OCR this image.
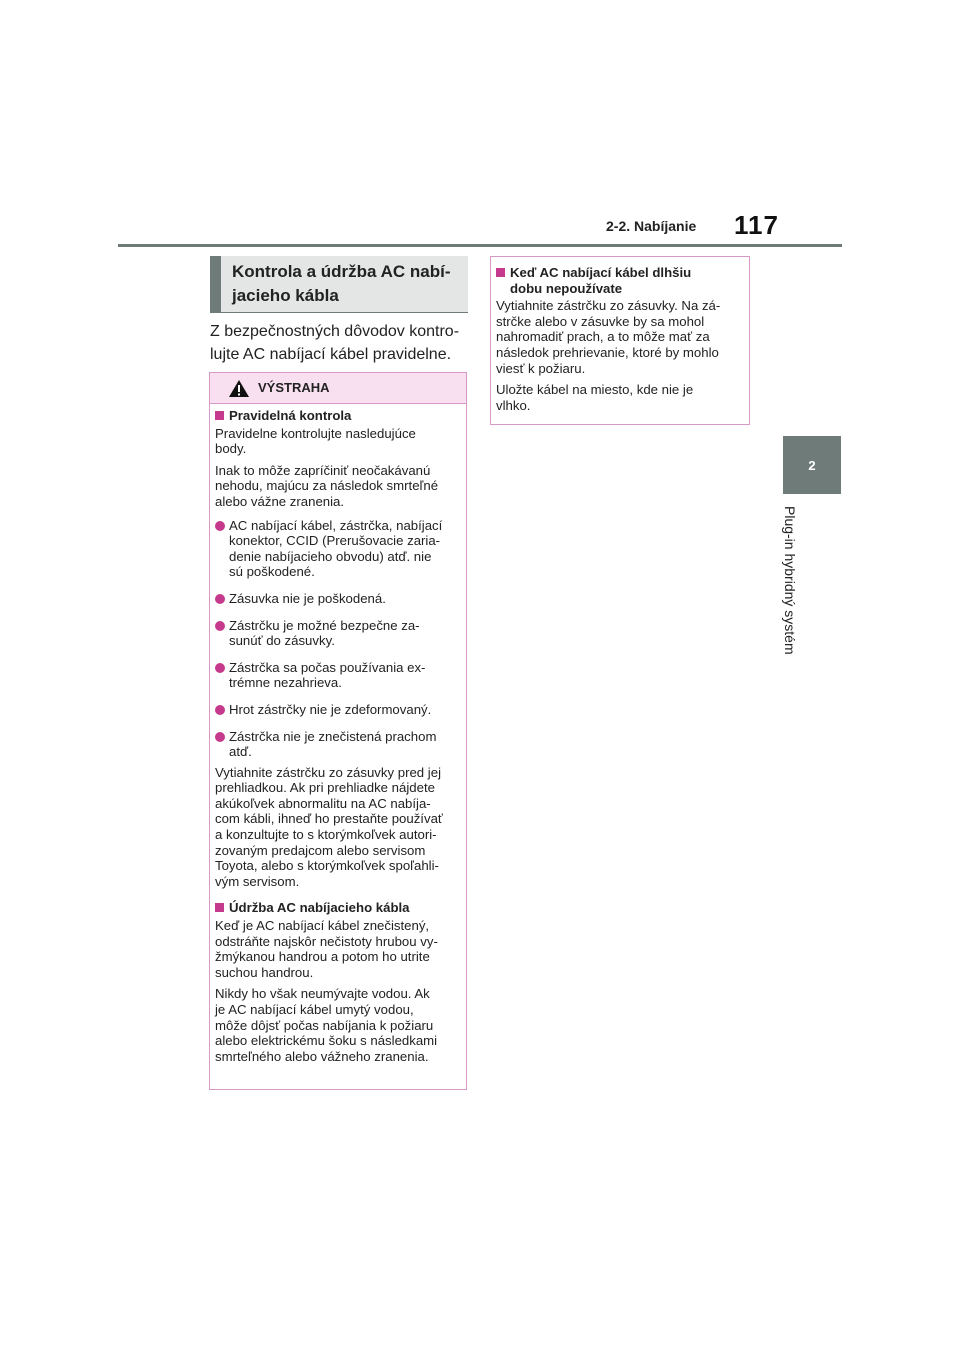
2-2. Nabíjanie 117
2
Plug-in hybridný systém
Kontrola a údržba AC nabí-
jacieho kábla
Z bezpečnostných dôvodov kontro-
lujte AC nabíjací kábel pravidelne.
VÝSTRAHA
Pravidelná kontrola
Pravidelne kontrolujte nasledujúce
body.
Inak to môže zapríčiniť neočakávanú
nehodu, majúcu za následok smrteľné
alebo vážne zranenia.
AC nabíjací kábel, zástrčka, nabíjací
konektor, CCID (Prerušovacie zaria-
denie nabíjacieho obvodu) atď. nie
sú poškodené.
Zásuvka nie je poškodená.
Zástrčku je možné bezpečne za-
sunúť do zásuvky.
Zástrčka sa počas používania ex-
trémne nezahrieva.
Hrot zástrčky nie je zdeformovaný.
Zástrčka nie je znečistená prachom
atď.
Vytiahnite zástrčku zo zásuvky pred jej
prehliadkou. Ak pri prehliadke nájdete
akúkoľvek abnormalitu na AC nabíja-
com kábli, ihneď ho prestaňte používať
a konzultujte to s ktorýmkoľvek autori-
zovaným predajcom alebo servisom
Toyota, alebo s ktorýmkoľvek spoľahli-
vým servisom.
Údržba AC nabíjacieho kábla
Keď je AC nabíjací kábel znečistený,
odstráňte najskôr nečistoty hrubou vy-
žmýkanou handrou a potom ho utrite
suchou handrou.
Nikdy ho však neumývajte vodou. Ak
je AC nabíjací kábel umytý vodou,
môže dôjsť počas nabíjania k požiaru
alebo elektrickému šoku s následkami
smrteľného alebo vážneho zranenia.
Keď AC nabíjací kábel dlhšiu
dobu nepoužívate
Vytiahnite zástrčku zo zásuvky. Na zá-
strčke alebo v zásuvke by sa mohol
nahromadiť prach, a to môže mať za
následok prehrievanie, ktoré by mohlo
viesť k požiaru.
Uložte kábel na miesto, kde nie je
vlhko.
